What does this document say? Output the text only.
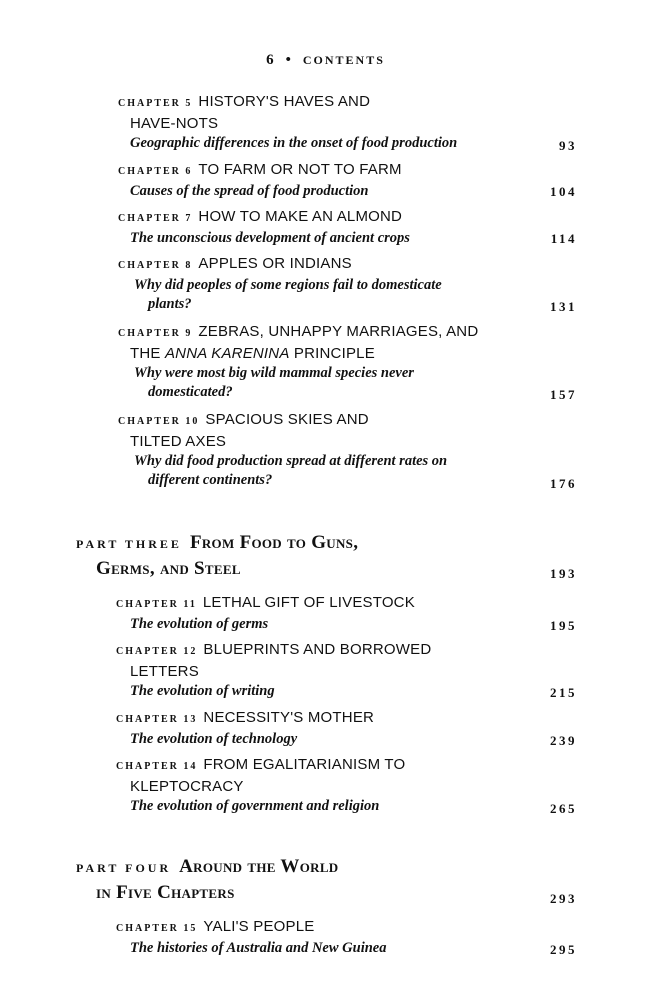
6 • CONTENTS
CHAPTER 5 HISTORY'S HAVES AND
HAVE-NOTS
Geographic differences in the onset of food production	93
CHAPTER 6 TO FARM OR NOT TO FARM
Causes of the spread of food production	104
CHAPTER 7 HOW TO MAKE AN ALMOND
The unconscious development of ancient crops	114
CHAPTER 8 APPLES OR INDIANS
Why did peoples of some regions fail to domesticate
plants?	131
CHAPTER 9 ZEBRAS, UNHAPPY MARRIAGES, AND
THE ANNA KARENINA PRINCIPLE
Why were most big wild mammal species never
domesticated?	157
CHAPTER 10 SPACIOUS SKIES AND
TILTED AXES
Why did food production spread at different rates on
different continents?	176
PART THREE From Food to Guns,
Germs, and Steel	193
CHAPTER 11 LETHAL GIFT OF LIVESTOCK
The evolution of germs	195
CHAPTER 12 BLUEPRINTS AND BORROWED
LETTERS
The evolution of writing	215
CHAPTER 13 NECESSITY'S MOTHER
The evolution of technology	239
CHAPTER 14 FROM EGALITARIANISM TO
KLEPTOCRACY
The evolution of government and religion	265
PART FOUR Around the World
in Five Chapters	293
CHAPTER 15 YALI'S PEOPLE
The histories of Australia and New Guinea	295
